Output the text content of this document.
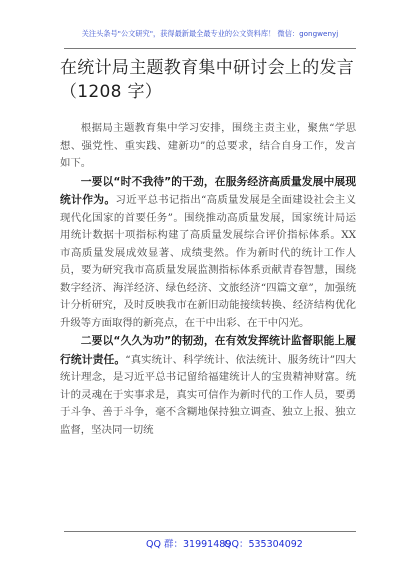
关注头条号"公文研究"，获得最新最全最专业的公文资料库！ 微信：gongwenyj
在统计局主题教育集中研讨会上的发言
（1208 字）

根据局主题教育集中学习安排，围绕主责主业，聚焦“学思想、强党性、重实践、建新功”的总要求，结合自身工作，发言如下。

一要以“时不我待”的干劲，在服务经济高质量发展中展现统计作为。习近平总书记指出“高质量发展是全面建设社会主义现代化国家的首要任务”。围绕推动高质量发展，国家统计局运用统计数据十项指标构建了高质量发展综合评价指标体系。XX 市高质量发展成效显著、成绩斐然。作为新时代的统计工作人员，要为研究我市高质量发展监测指标体系贡献青春智慧，围绕数字经济、海洋经济、绿色经济、文旅经济“四篇文章”，加强统计分析研究，及时反映我市在新旧动能接续转换、经济结构优化升级等方面取得的新亮点，在干中出彩、在干中闪光。

二要以“久久为功”的韧劲，在有效发挥统计监督职能上履行统计责任。“真实统计、科学统计、依法统计、服务统计”四大统计理念，是习近平总书记留给福建统计人的宝贵精神财富。统计的灵魂在于实事求是，真实可信作为新时代的工作人员，要勇于斗争、善于斗争，毫不含糊地保持独立调查、独立上报、独立监督，坚决同一切统

QQ 群：31991489
QQ：535304092
